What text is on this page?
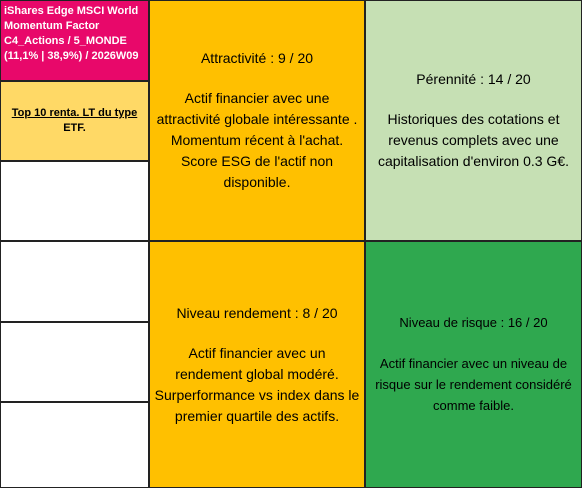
iShares Edge MSCI World
Momentum Factor
C4_Actions / 5_MONDE
(11,1% | 38,9%) / 2026W09
Top 10 renta. LT du type
ETF.
Attractivité : 9 / 20
Actif financier avec une attractivité globale intéressante . Momentum récent à l'achat. Score ESG de l'actif non disponible.
Pérennité : 14 / 20
Historiques des cotations et revenus complets avec une capitalisation d'environ 0.3 G€.
Niveau rendement : 8 / 20
Actif financier avec un rendement global modéré. Surperformance vs index dans le premier quartile des actifs.
Niveau de risque : 16 / 20
Actif financier avec un niveau de risque sur le rendement considéré comme faible.
